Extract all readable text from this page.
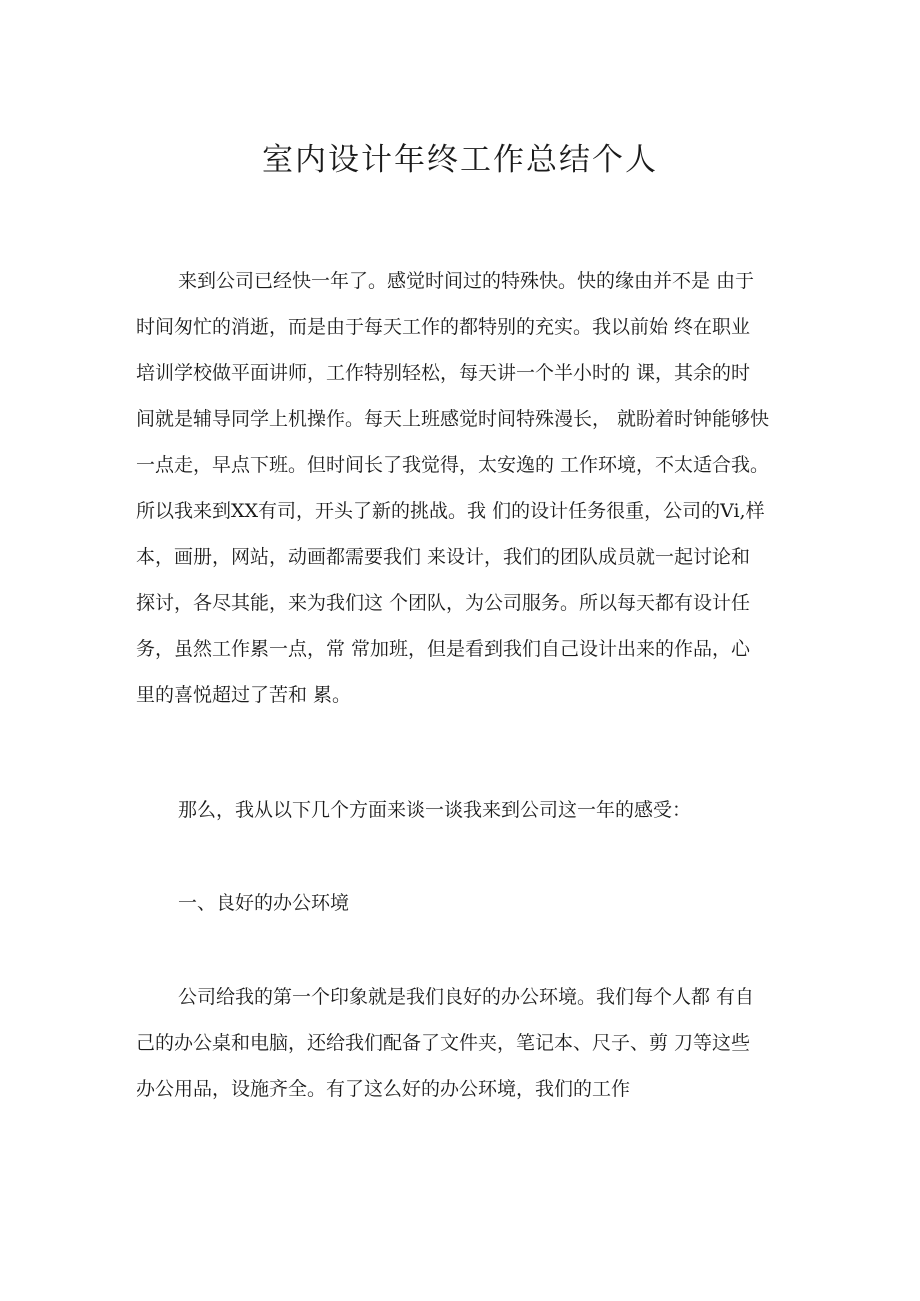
室内设计年终工作总结个人

来到公司已经快一年了。感觉时间过的特殊快。快的缘由并不是 由于
时间匆忙的消逝，而是由于每天工作的都特别的充实。我以前始 终在职业
培训学校做平面讲师，工作特别轻松，每天讲一个半小时的 课，其余的时
间就是辅导同学上机操作。每天上班感觉时间特殊漫长， 就盼着时钟能够快
一点走，早点下班。但时间长了我觉得，太安逸的 工作环境，不太适合我。
所以我来到XX有司，开头了新的挑战。我 们的设计任务很重，公司的Vi,样
本，画册，网站，动画都需要我们 来设计，我们的团队成员就一起讨论和
探讨，各尽其能，来为我们这 个团队，为公司服务。所以每天都有设计任
务，虽然工作累一点，常 常加班，但是看到我们自己设计出来的作品，心
里的喜悦超过了苦和 累。

那么，我从以下几个方面来谈一谈我来到公司这一年的感受：

一、良好的办公环境

公司给我的第一个印象就是我们良好的办公环境。我们每个人都 有自
己的办公桌和电脑，还给我们配备了文件夹，笔记本、尺子、剪 刀等这些
办公用品，设施齐全。有了这么好的办公环境，我们的工作
